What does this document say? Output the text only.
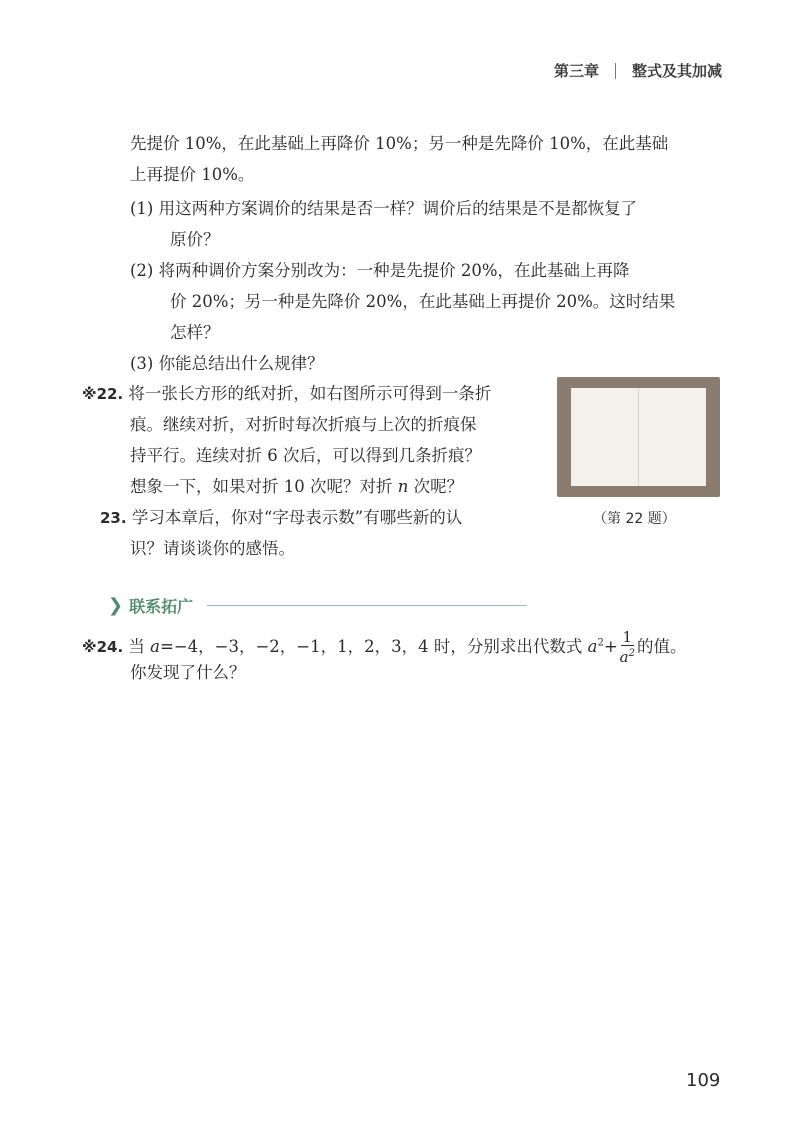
第三章 整式及其加减
先提价 10%，在此基础上再降价 10%；另一种是先降价 10%，在此基础
上再提价 10%。
(1) 用这两种方案调价的结果是否一样？调价后的结果是不是都恢复了
原价？
(2) 将两种调价方案分别改为：一种是先提价 20%，在此基础上再降
价 20%；另一种是先降价 20%，在此基础上再提价 20%。这时结果
怎样？
(3) 你能总结出什么规律？
※22. 将一张长方形的纸对折，如右图所示可得到一条折
痕。继续对折，对折时每次折痕与上次的折痕保
持平行。连续对折 6 次后，可以得到几条折痕？
想象一下，如果对折 10 次呢？对折 n 次呢？
（第 22 题）
23. 学习本章后，你对“字母表示数”有哪些新的认
识？请谈谈你的感悟。
❯ 联系拓广
※24. 当 a=−4，−3，−2，−1，1，2，3，4 时，分别求出代数式 $a^2+ \frac{1}{a^2}$ 的值。
你发现了什么？
109
